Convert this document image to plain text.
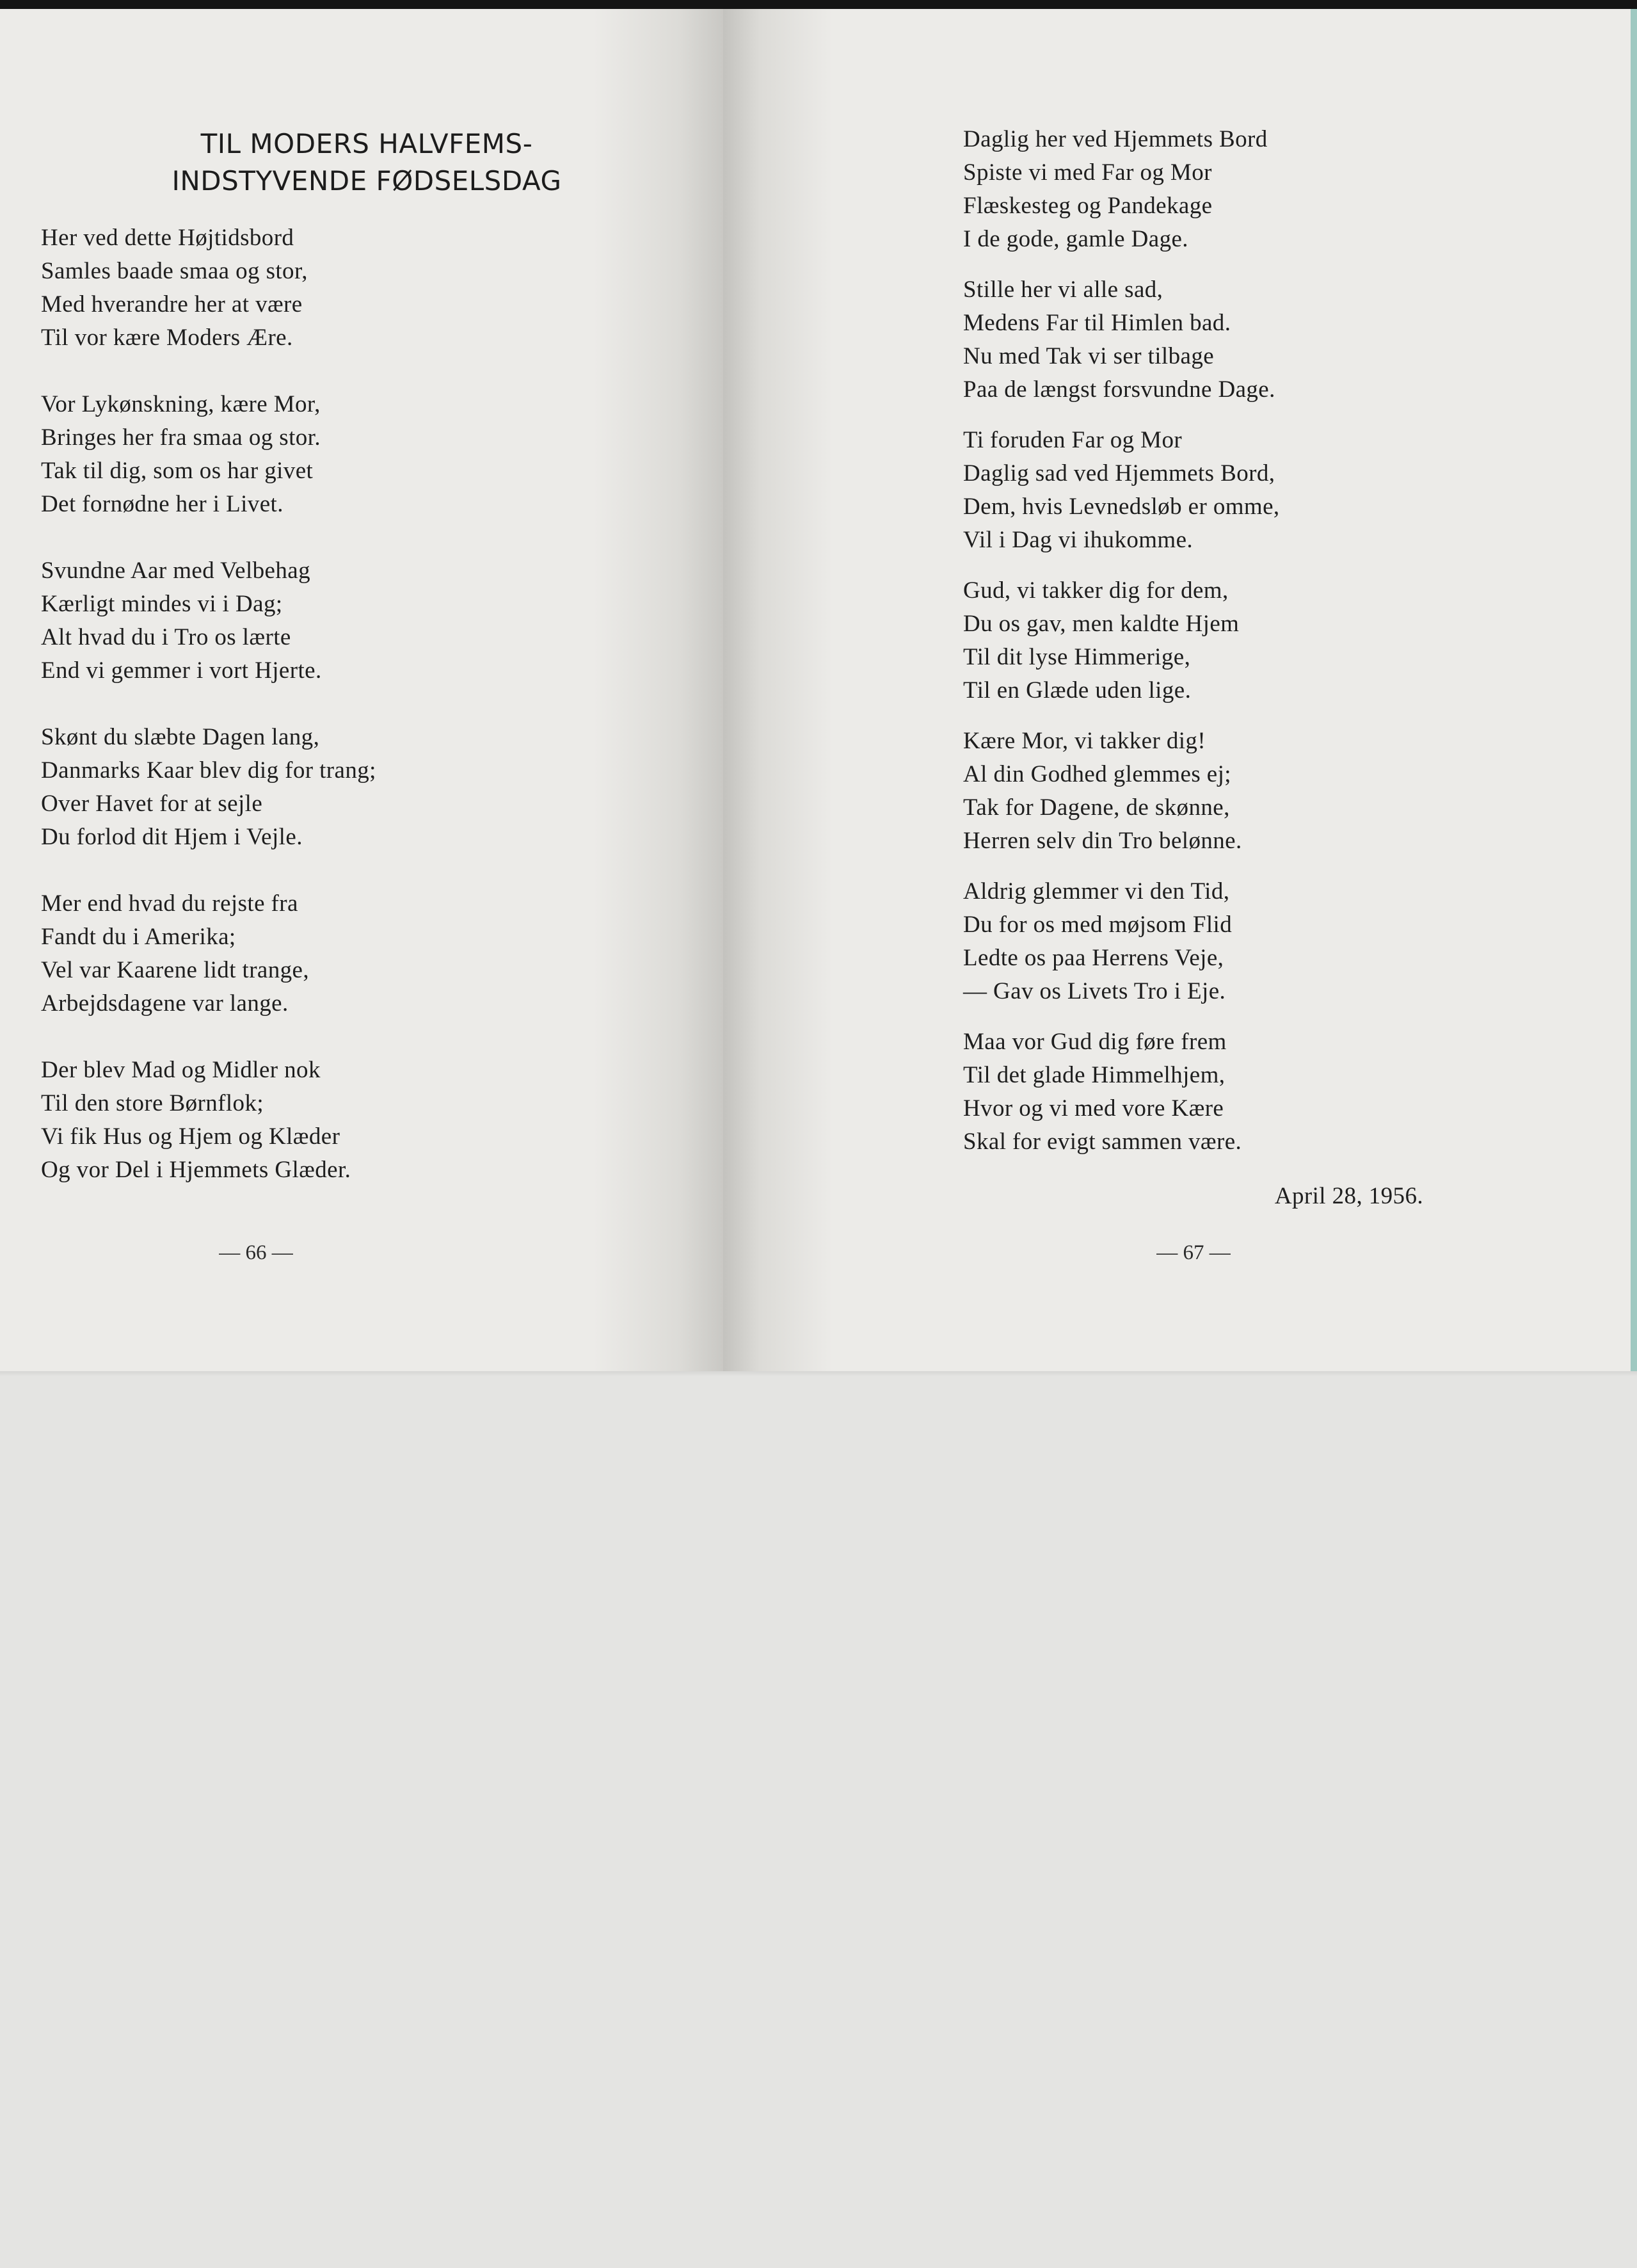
TIL MODERS HALVFEMS-
INDSTYVENDE FØDSELSDAG
Her ved dette Højtidsbord
Samles baade smaa og stor,
Med hverandre her at være
Til vor kære Moders Ære.
Vor Lykønskning, kære Mor,
Bringes her fra smaa og stor.
Tak til dig, som os har givet
Det fornødne her i Livet.
Svundne Aar med Velbehag
Kærligt mindes vi i Dag;
Alt hvad du i Tro os lærte
End vi gemmer i vort Hjerte.
Skønt du slæbte Dagen lang,
Danmarks Kaar blev dig for trang;
Over Havet for at sejle
Du forlod dit Hjem i Vejle.
Mer end hvad du rejste fra
Fandt du i Amerika;
Vel var Kaarene lidt trange,
Arbejdsdagene var lange.
Der blev Mad og Midler nok
Til den store Børnflok;
Vi fik Hus og Hjem og Klæder
Og vor Del i Hjemmets Glæder.
— 66 —
Daglig her ved Hjemmets Bord
Spiste vi med Far og Mor
Flæskesteg og Pandekage
I de gode, gamle Dage.
Stille her vi alle sad,
Medens Far til Himlen bad.
Nu med Tak vi ser tilbage
Paa de længst forsvundne Dage.
Ti foruden Far og Mor
Daglig sad ved Hjemmets Bord,
Dem, hvis Levnedsløb er omme,
Vil i Dag vi ihukomme.
Gud, vi takker dig for dem,
Du os gav, men kaldte Hjem
Til dit lyse Himmerige,
Til en Glæde uden lige.
Kære Mor, vi takker dig!
Al din Godhed glemmes ej;
Tak for Dagene, de skønne,
Herren selv din Tro belønne.
Aldrig glemmer vi den Tid,
Du for os med møjsom Flid
Ledte os paa Herrens Veje,
— Gav os Livets Tro i Eje.
Maa vor Gud dig føre frem
Til det glade Himmelhjem,
Hvor og vi med vore Kære
Skal for evigt sammen være.
April 28, 1956.
— 67 —
